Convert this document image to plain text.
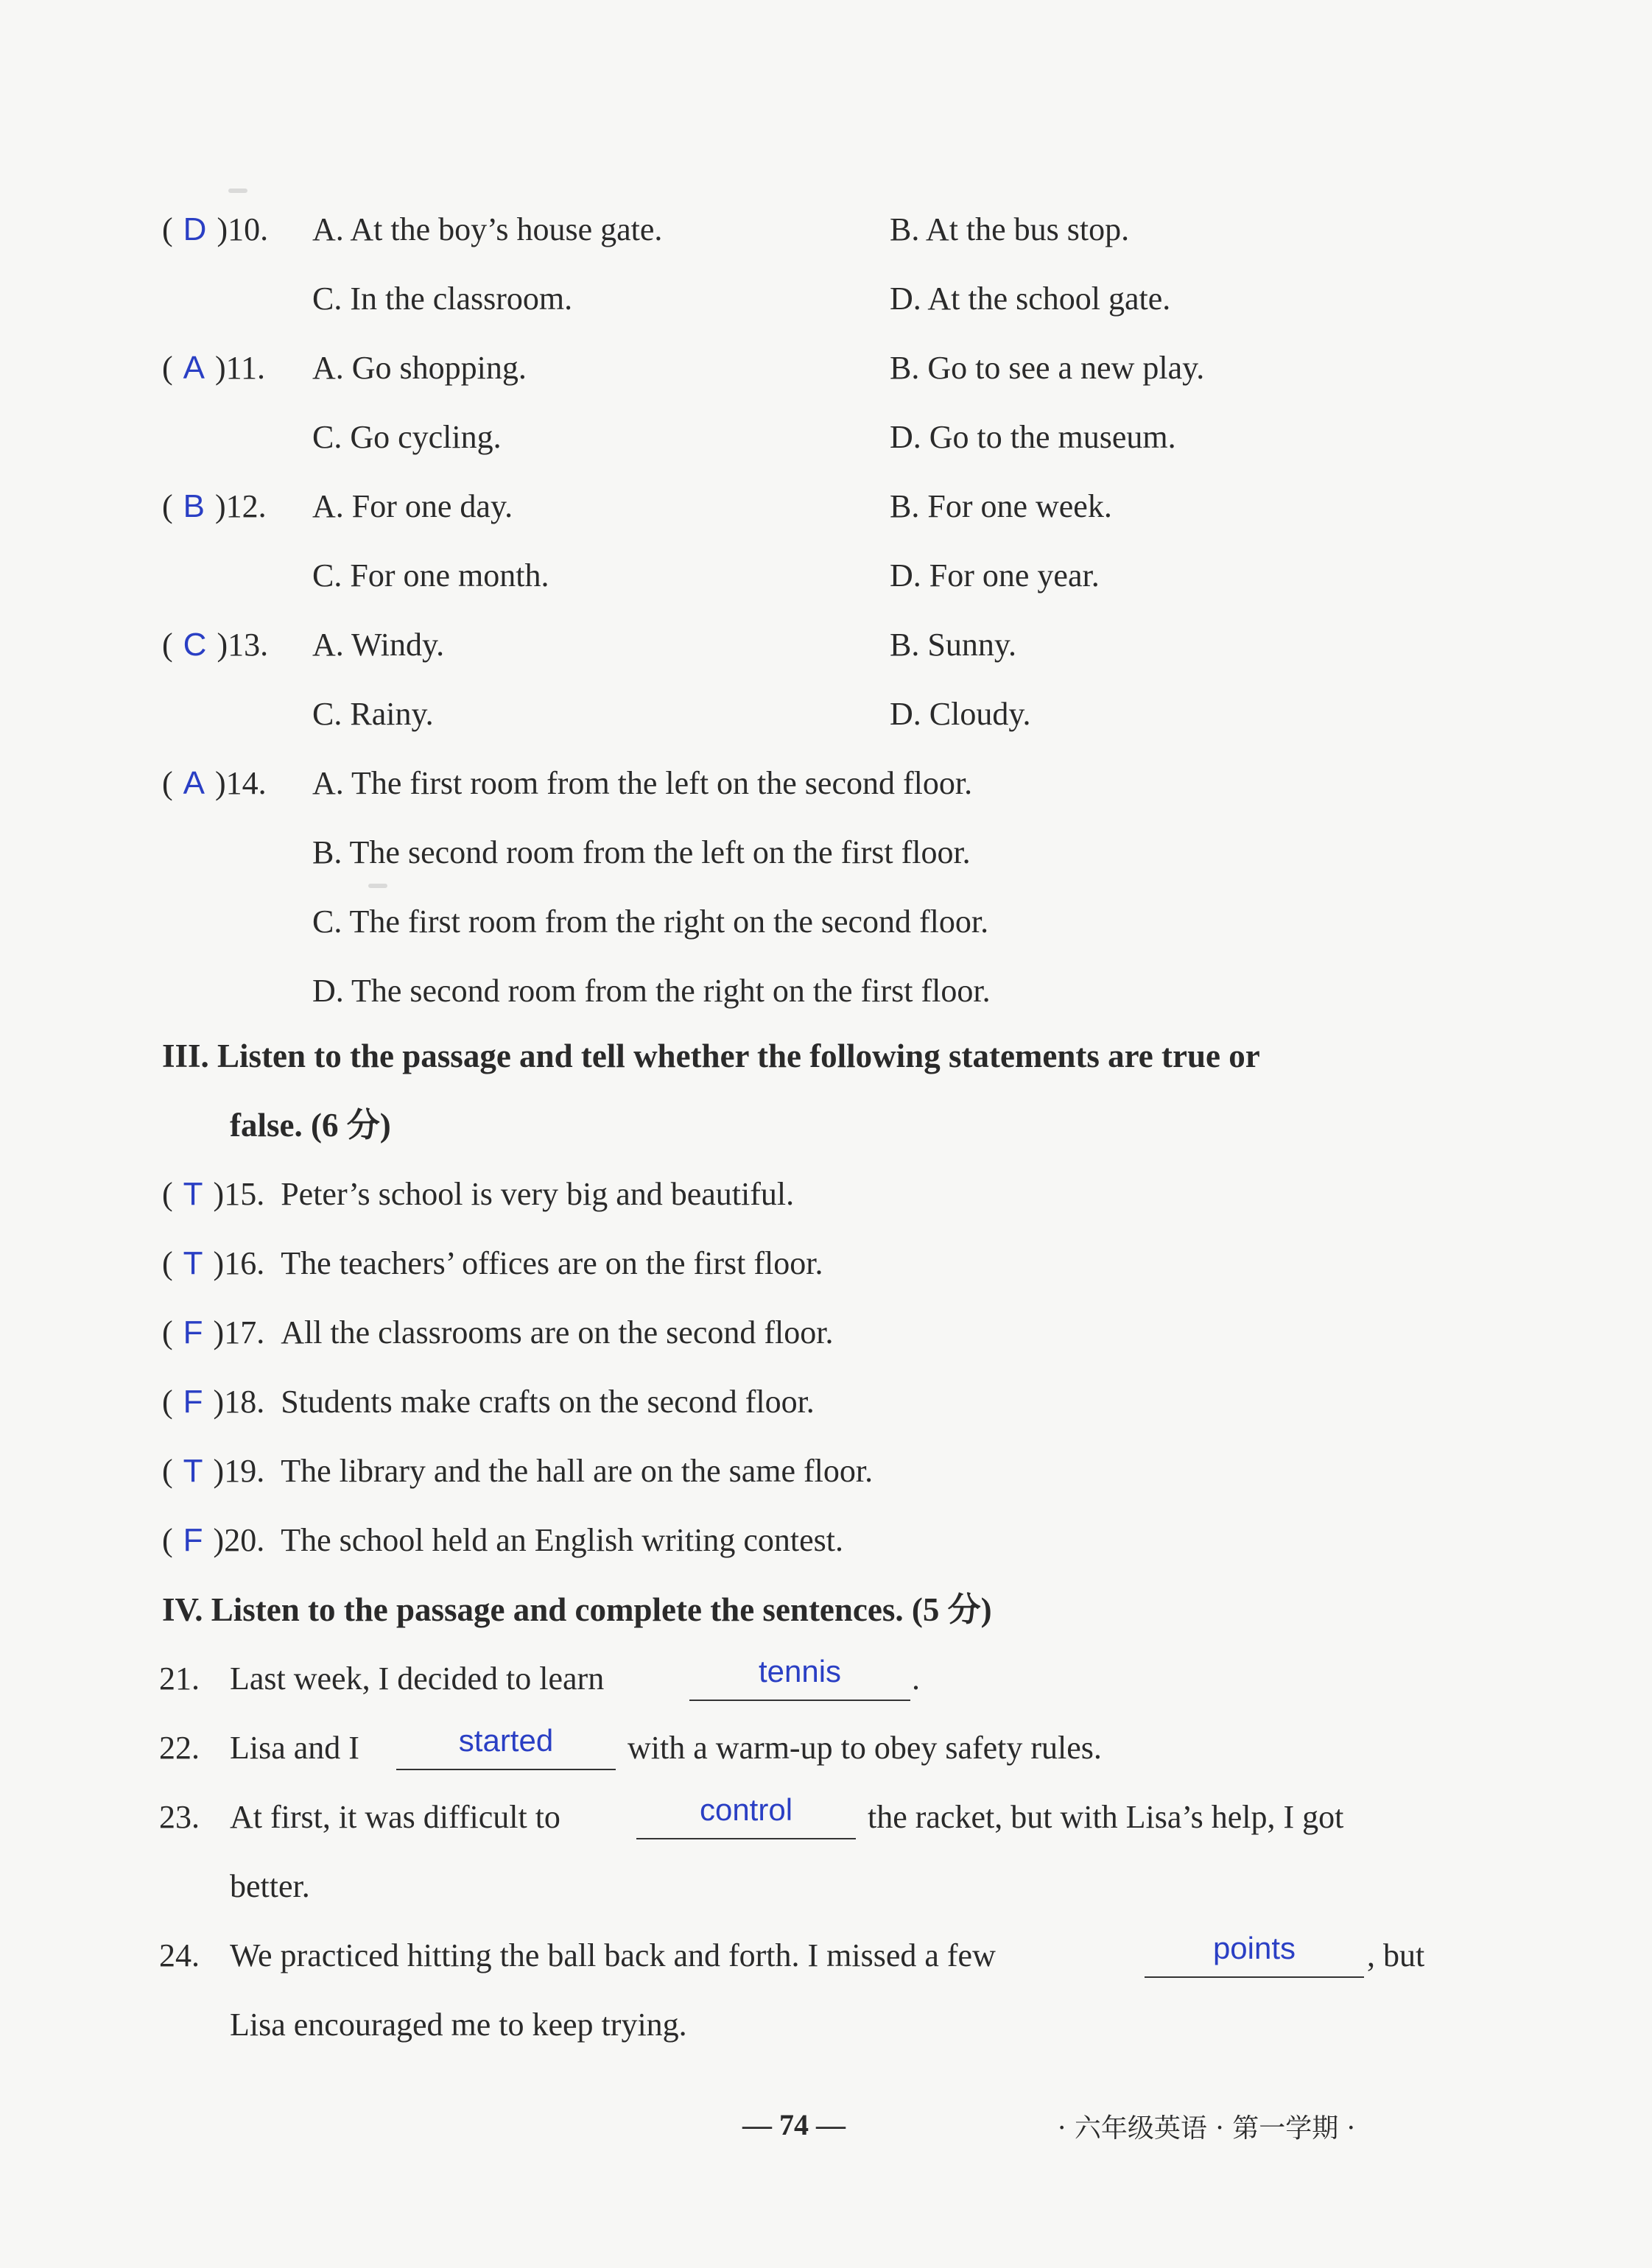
( D )10. A. At the boy’s house gate.	B. At the bus stop.
C. In the classroom.	D. At the school gate.
( A )11. A. Go shopping.	B. Go to see a new play.
C. Go cycling.	D. Go to the museum.
( B )12. A. For one day.	B. For one week.
C. For one month.	D. For one year.
( C )13. A. Windy.	B. Sunny.
C. Rainy.	D. Cloudy.
( A )14. A. The first room from the left on the second floor.
B. The second room from the left on the first floor.
C. The first room from the right on the second floor.
D. The second room from the right on the first floor.
III. Listen to the passage and tell whether the following statements are true or
false. (6 分)
( T )15. Peter’s school is very big and beautiful.
( T )16. The teachers’ offices are on the first floor.
( F )17. All the classrooms are on the second floor.
( F )18. Students make crafts on the second floor.
( T )19. The library and the hall are on the same floor.
( F )20. The school held an English writing contest.
IV. Listen to the passage and complete the sentences. (5 分)
21. Last week, I decided to learn	tennis	.
22. Lisa and I	started	with a warm-up to obey safety rules.
23. At first, it was difficult to	control	the racket, but with Lisa’s help, I got
better.
24. We practiced hitting the ball back and forth. I missed a few	points	, but
Lisa encouraged me to keep trying.
— 74 —	· 六年级英语 · 第一学期 ·
